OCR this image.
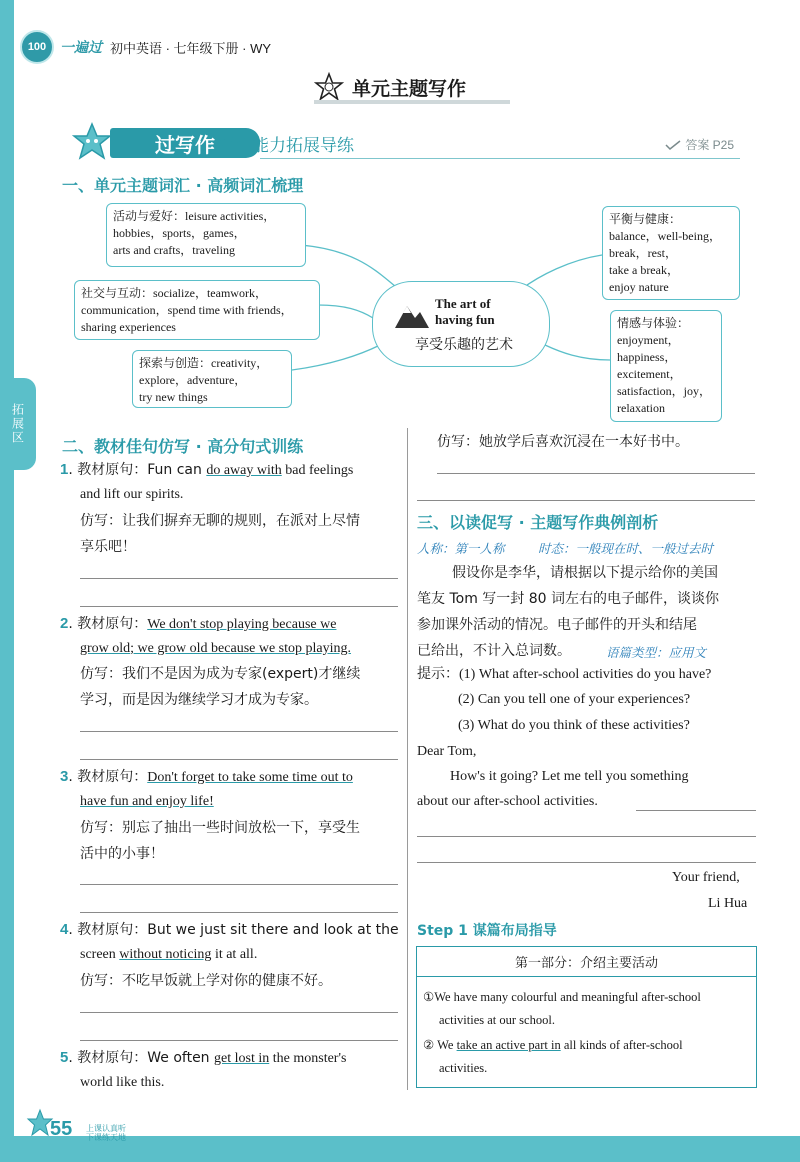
100 一遍过 初中英语 · 七年级下册 · WY
单元主题写作
过写作 写作能力拓展导练	答案 P25
一、单元主题词汇 · 高频词汇梳理
活动与爱好：leisure activities，
hobbies，sports，games，
arts and crafts，traveling
社交与互动：socialize，teamwork，
communication，spend time with friends，
sharing experiences
探索与创造：creativity，
explore，adventure，
try new things
The art of
having fun
享受乐趣的艺术
平衡与健康：
balance，well-being，
break，rest，
take a break，
enjoy nature
情感与体验：
enjoyment，
happiness，
excitement，
satisfaction，joy，
relaxation
拓展区
二、教材佳句仿写 · 高分句式训练
1. 教材原句：Fun can do away with bad feelings
and lift our spirits.
仿写：让我们摒弃无聊的规则，在派对上尽情
享乐吧！
2. 教材原句：We don't stop playing because we
grow old; we grow old because we stop playing.
仿写：我们不是因为成为专家(expert)才继续
学习，而是因为继续学习才成为专家。
3. 教材原句：Don't forget to take some time out to
have fun and enjoy life!
仿写：别忘了抽出一些时间放松一下，享受生
活中的小事！
4. 教材原句：But we just sit there and look at the
screen without noticing it at all.
仿写：不吃早饭就上学对你的健康不好。
5. 教材原句：We often get lost in the monster's
world like this.
仿写：她放学后喜欢沉浸在一本好书中。
三、以读促写 · 主题写作典例剖析
人称：第一人称	时态：一般现在时、一般过去时
假设你是李华，请根据以下提示给你的美国
笔友 Tom 写一封 80 词左右的电子邮件，谈谈你
参加课外活动的情况。电子邮件的开头和结尾
已给出，不计入总词数。	语篇类型：应用文
提示：(1) What after-school activities do you have?
(2) Can you tell one of your experiences?
(3) What do you think of these activities?
Dear Tom,
How's it going? Let me tell you something
about our after-school activities.
Your friend,
Li Hua
Step 1 谋篇布局指导
第一部分：介绍主要活动
①We have many colourful and meaningful after-school
activities at our school.
② We take an active part in all kinds of after-school
activities.
55 上课认真听
下课练天地
